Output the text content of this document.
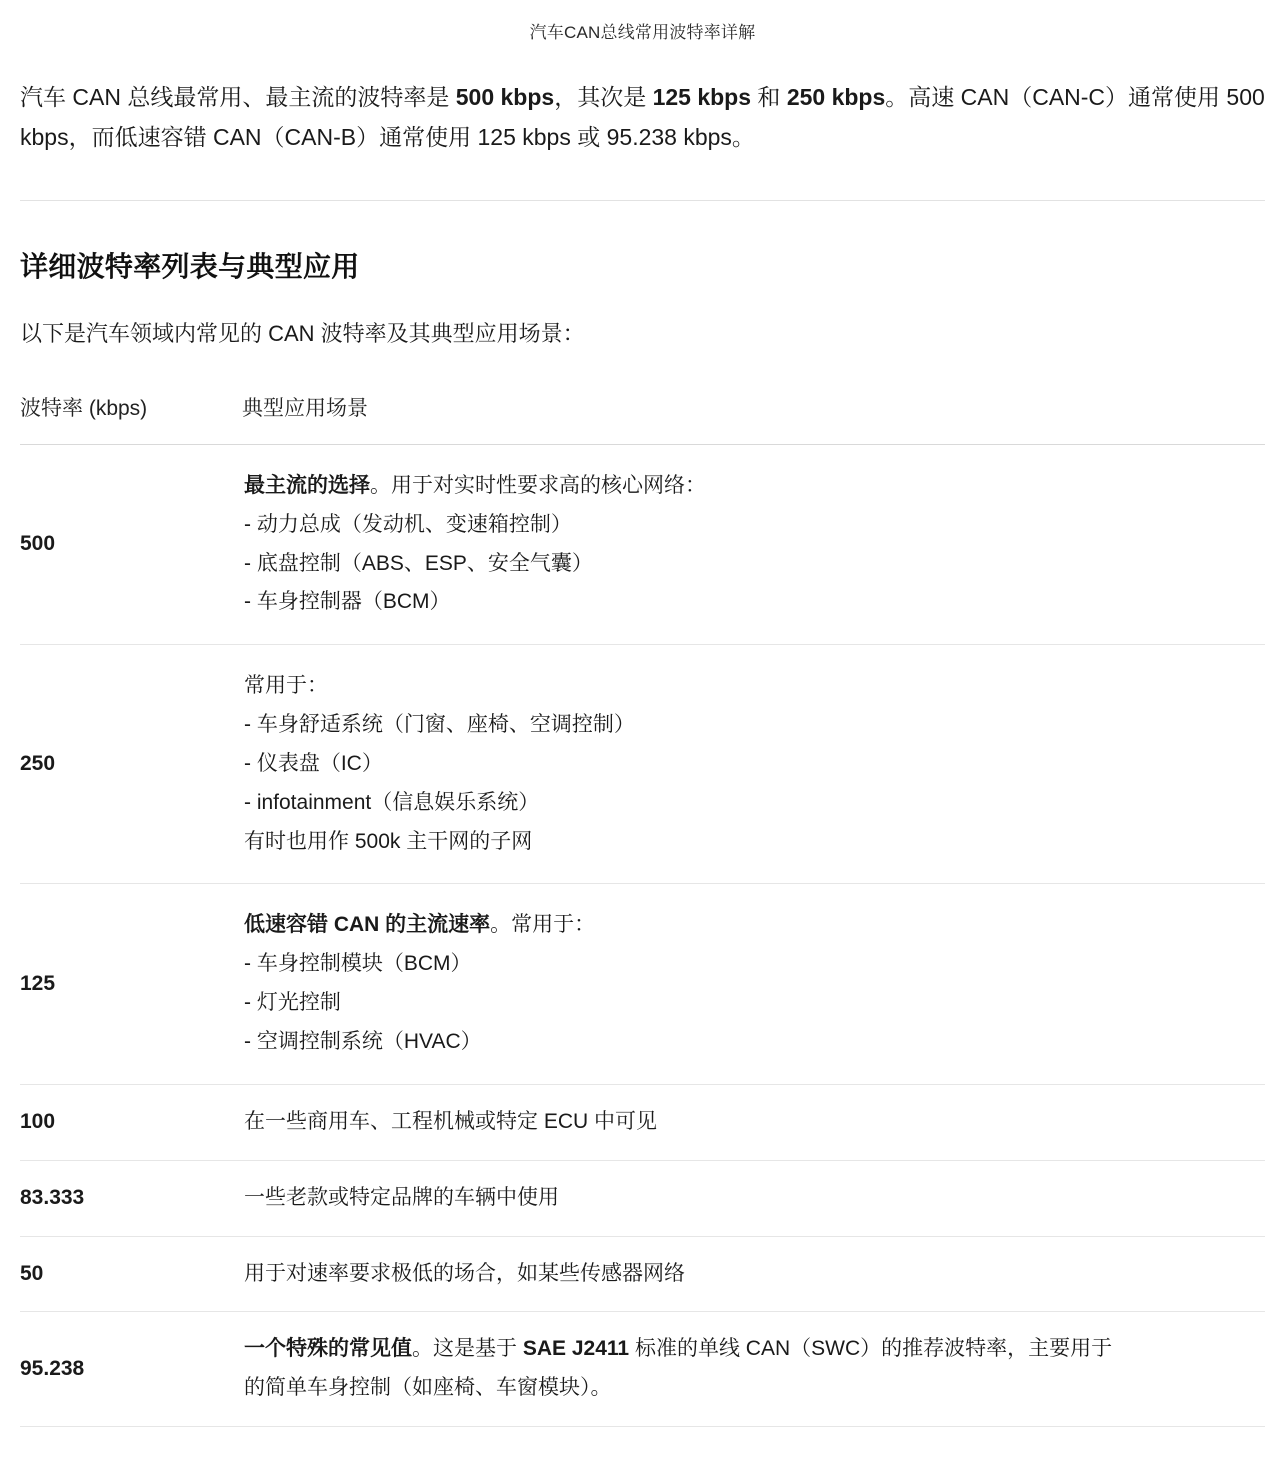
汽车CAN总线常用波特率详解

汽车 CAN 总线最常用、最主流的波特率是 500 kbps，其次是 125 kbps 和 250 kbps。高速 CAN（CAN-C）通常使用 500 kbps，而低速容错 CAN（CAN-B）通常使用 125 kbps 或 95.238 kbps。

详细波特率列表与典型应用

以下是汽车领域内常见的 CAN 波特率及其典型应用场景：

波特率 (kbps)	典型应用场景
500	最主流的选择。用于对实时性要求高的核心网络：
- 动力总成（发动机、变速箱控制）
- 底盘控制（ABS、ESP、安全气囊）
- 车身控制器（BCM）

250	常用于：
- 车身舒适系统（门窗、座椅、空调控制）
- 仪表盘（IC）
- infotainment（信息娱乐系统）
有时也用作 500k 主干网的子网

125	低速容错 CAN 的主流速率。常用于：
- 车身控制模块（BCM）
- 灯光控制
- 空调控制系统（HVAC）

100	在一些商用车、工程机械或特定 ECU 中可见

83.333	一些老款或特定品牌的车辆中使用

50	用于对速率要求极低的场合，如某些传感器网络

95.238	一个特殊的常见值。这是基于 SAE J2411 标准的单线 CAN（SWC）的推荐波特率，主要用于
的简单车身控制（如座椅、车窗模块）。
